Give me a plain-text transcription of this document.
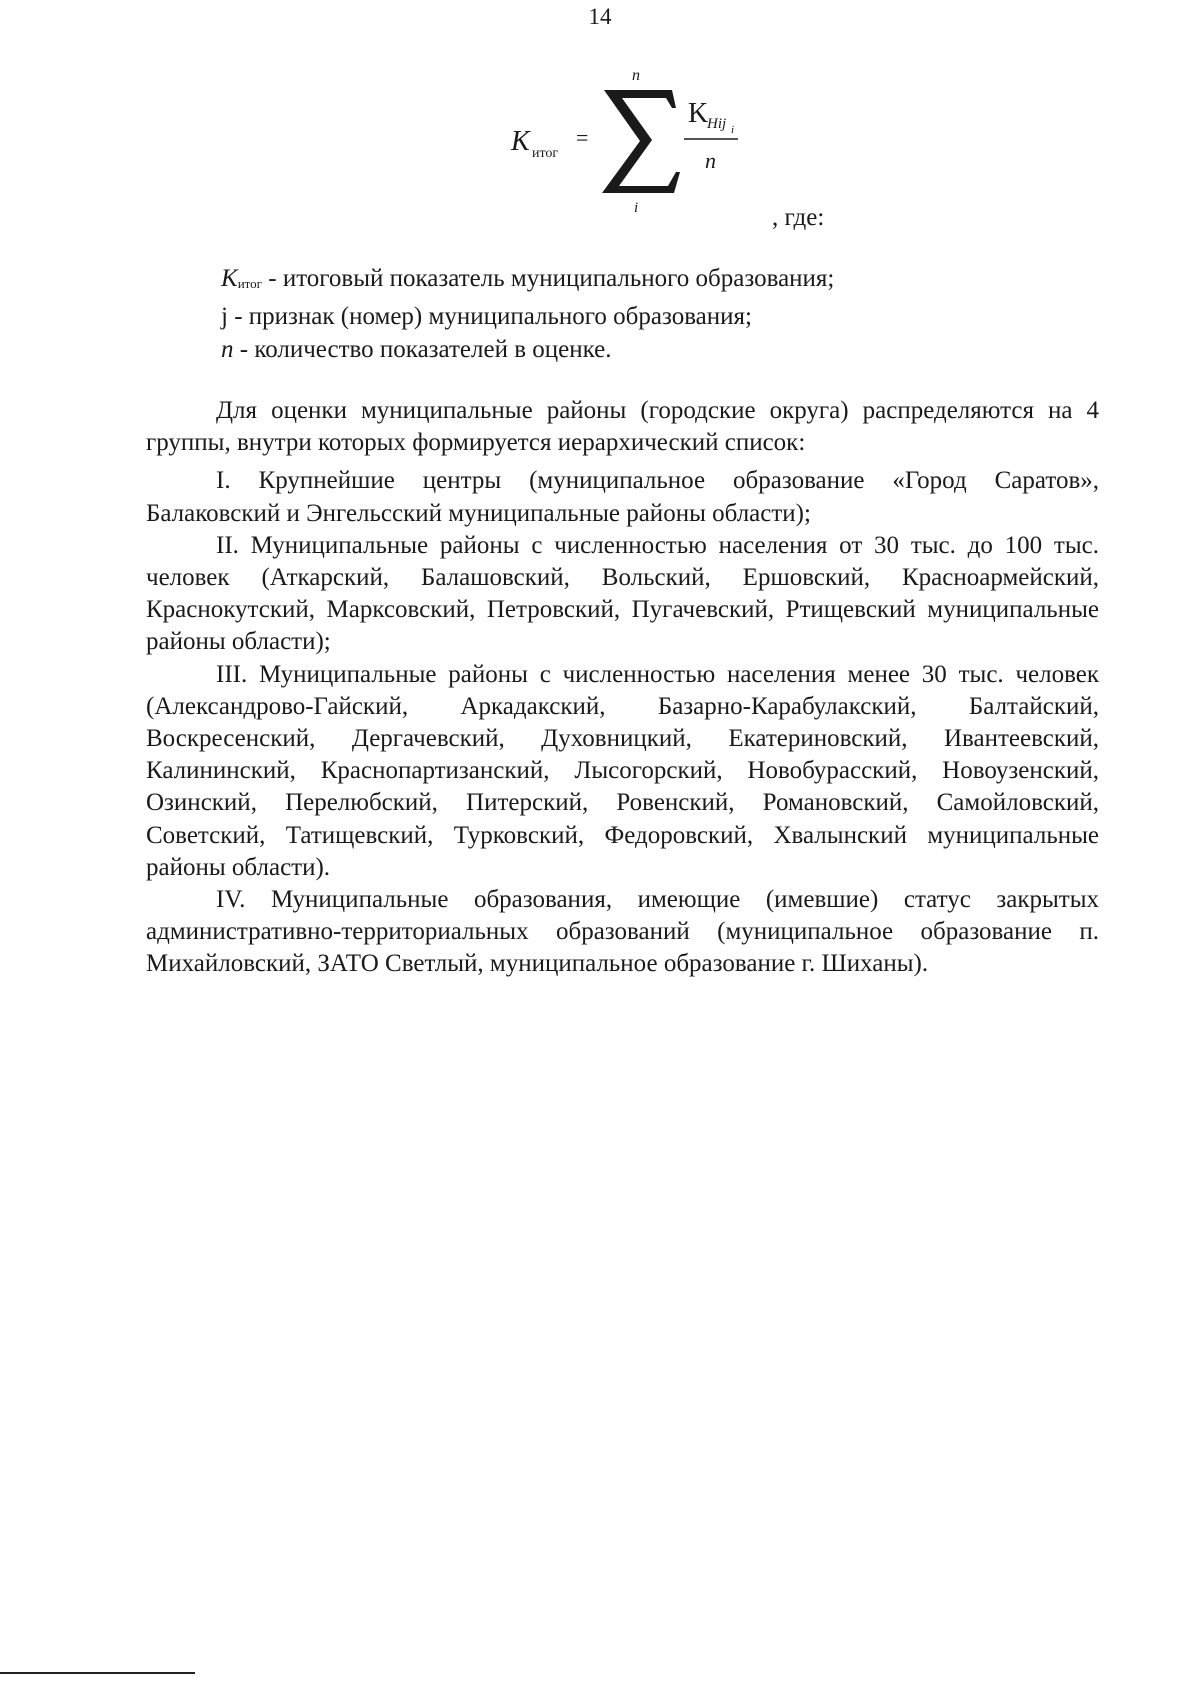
14
K итог
=
n
i
K
Hij i
n
, где:
Kитог - итоговый показатель муниципального образования;
j - признак (номер) муниципального образования;
n - количество показателей в оценке.

Для оценки муниципальные районы (городские округа) распределяются на 4 группы, внутри которых формируется иерархический список:

I. Крупнейшие центры (муниципальное образование «Город Саратов», Балаковский и Энгельсский муниципальные районы области);

II. Муниципальные районы с численностью населения от 30 тыс. до 100 тыс. человек (Аткарский, Балашовский, Вольский, Ершовский, Красноармейский, Краснокутский, Марксовский, Петровский, Пугачевский, Ртищевский муниципальные районы области);

III. Муниципальные районы с численностью населения менее 30 тыс. человек (Александрово-Гайский, Аркадакский, Базарно-Карабулакский, Балтайский, Воскресенский, Дергачевский, Духовницкий, Екатериновский, Ивантеевский, Калининский, Краснопартизанский, Лысогорский, Новобурасский, Новоузенский, Озинский, Перелюбский, Питерский, Ровенский, Романовский, Самойловский, Советский, Татищевский, Турковский, Федоровский, Хвалынский муниципальные районы области).

IV. Муниципальные образования, имеющие (имевшие) статус закрытых административно-территориальных образований (муниципальное образование п. Михайловский, ЗАТО Светлый, муниципальное образование г. Шиханы).
